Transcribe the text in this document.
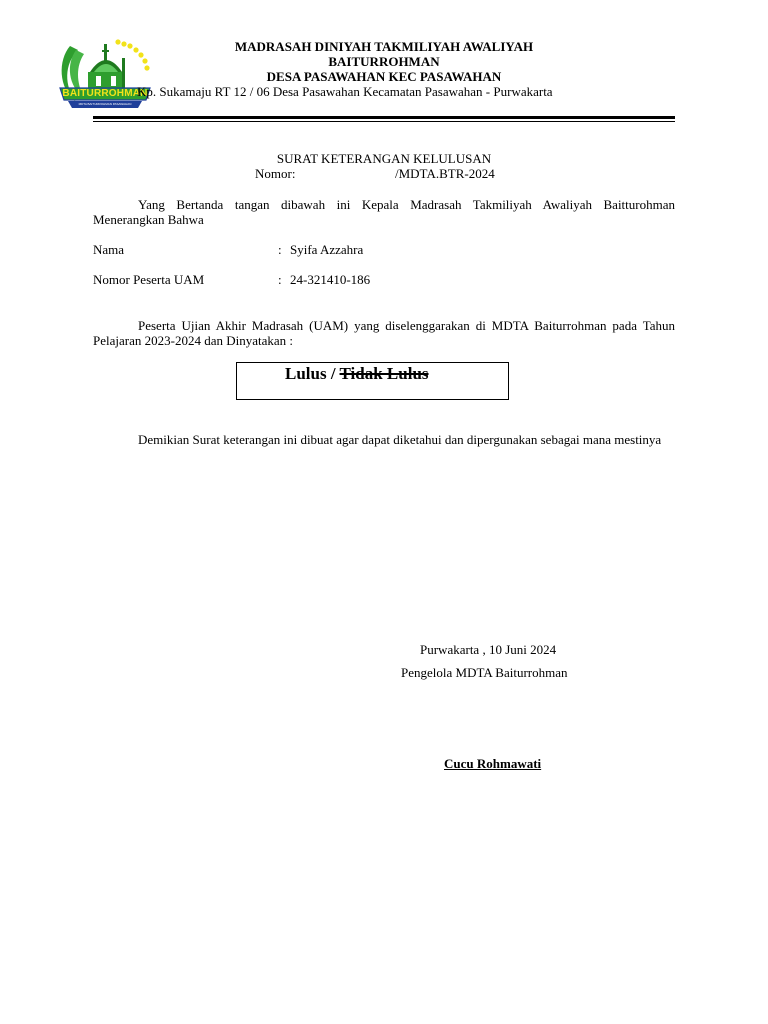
BAITURROHMAN
MDTA BAITURROHMAN PASAWAHAN
MADRASAH DINIYAH TAKMILIYAH AWALIYAH
BAITURROHMAN
DESA PASAWAHAN KEC PASAWAHAN
Kp. Sukamaju RT 12 / 06 Desa Pasawahan Kecamatan Pasawahan - Purwakarta
SURAT KETERANGAN KELULUSAN
Nomor:	/MDTA.BTR-2024
Yang Bertanda tangan dibawah ini Kepala Madrasah Takmiliyah Awaliyah Baitturohman Menerangkan Bahwa
Nama	: Syifa Azzahra
Nomor Peserta UAM	: 24-321410-186
Peserta Ujian Akhir Madrasah (UAM) yang diselenggarakan di MDTA Baiturrohman pada Tahun Pelajaran 2023-2024 dan Dinyatakan :
Lulus / Tidak Lulus
Demikian Surat keterangan ini dibuat agar dapat diketahui dan dipergunakan sebagai mana mestinya
Purwakarta , 10 Juni 2024
Pengelola MDTA Baiturrohman
Cucu Rohmawati
